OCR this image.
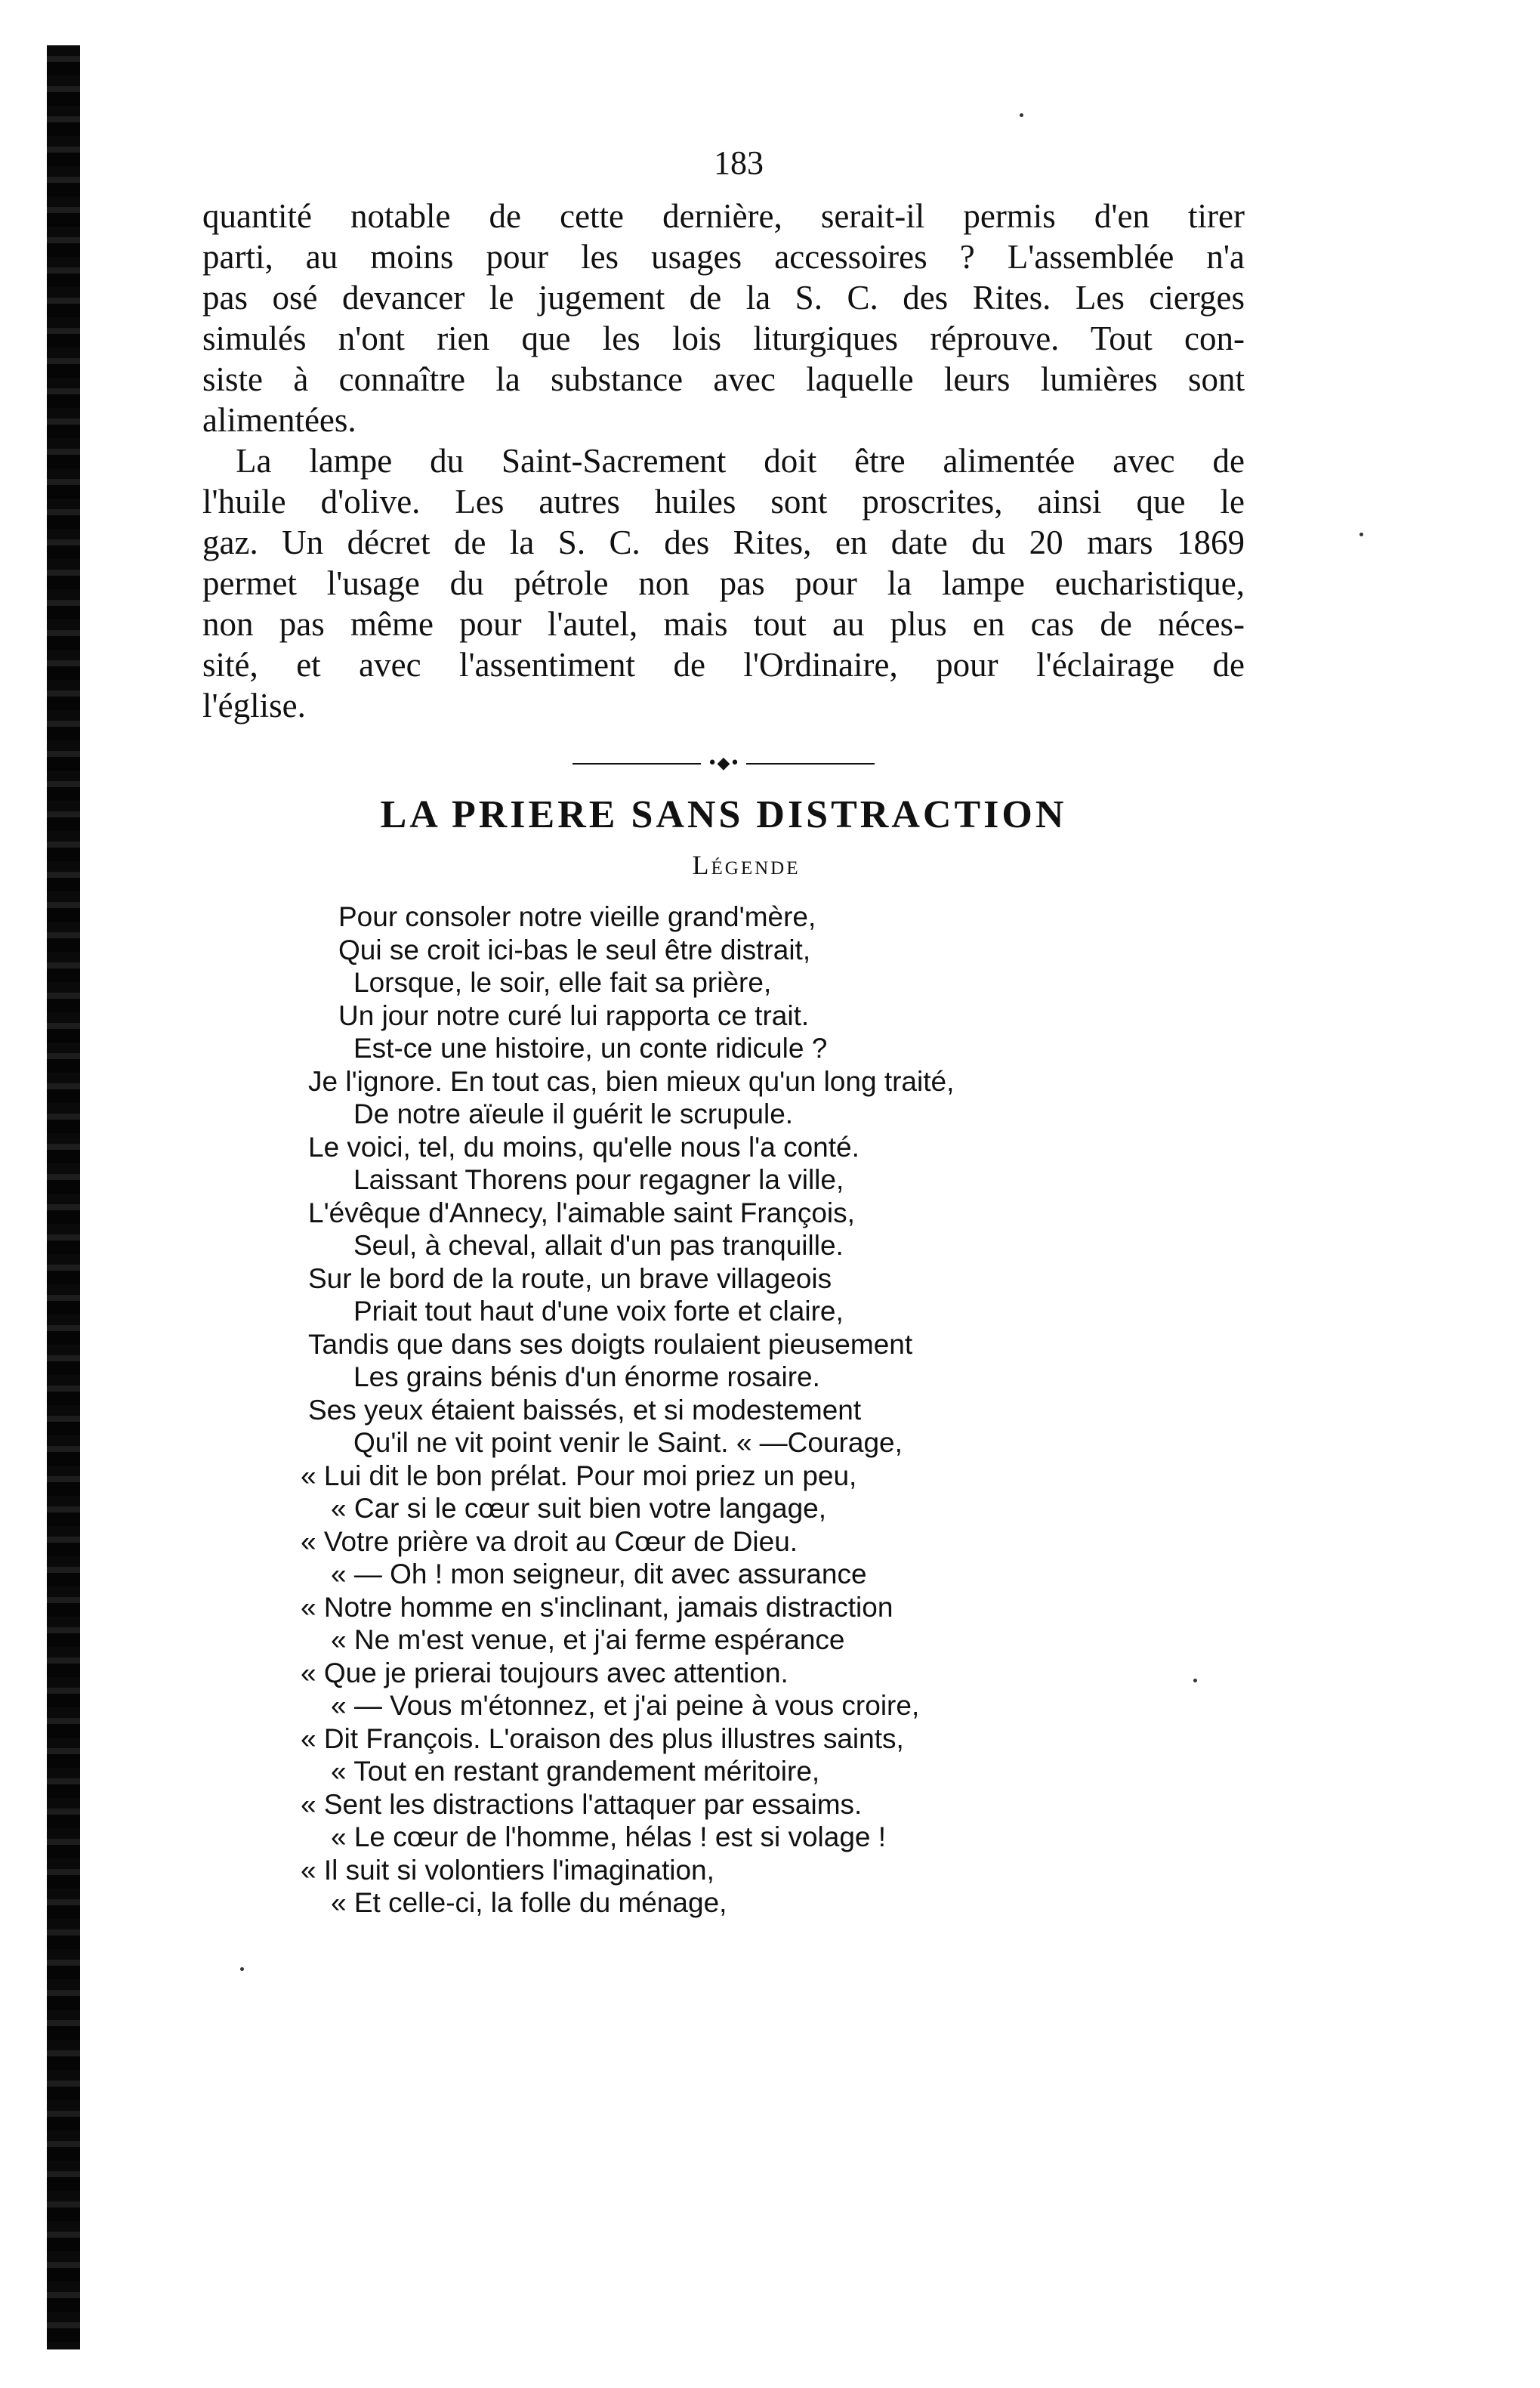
183

quantité notable de cette dernière, serait-il permis d'en tirer
parti, au moins pour les usages accessoires ? L'assemblée n'a
pas osé devancer le jugement de la S. C. des Rites. Les cierges
simulés n'ont rien que les lois liturgiques réprouve. Tout con-
siste à connaître la substance avec laquelle leurs lumières sont
alimentées.

La lampe du Saint-Sacrement doit être alimentée avec de
l'huile d'olive. Les autres huiles sont proscrites, ainsi que le
gaz. Un décret de la S. C. des Rites, en date du 20 mars 1869
permet l'usage du pétrole non pas pour la lampe eucharistique,
non pas même pour l'autel, mais tout au plus en cas de néces-
sité, et avec l'assentiment de l'Ordinaire, pour l'éclairage de
l'église.

•◆•
LA PRIERE SANS DISTRACTION
Légende
Pour consoler notre vieille grand'mère,
Qui se croit ici-bas le seul être distrait,
Lorsque, le soir, elle fait sa prière,
Un jour notre curé lui rapporta ce trait.
Est-ce une histoire, un conte ridicule ?
Je l'ignore. En tout cas, bien mieux qu'un long traité,
De notre aïeule il guérit le scrupule.
Le voici, tel, du moins, qu'elle nous l'a conté.
Laissant Thorens pour regagner la ville,
L'évêque d'Annecy, l'aimable saint François,
Seul, à cheval, allait d'un pas tranquille.
Sur le bord de la route, un brave villageois
Priait tout haut d'une voix forte et claire,
Tandis que dans ses doigts roulaient pieusement
Les grains bénis d'un énorme rosaire.
Ses yeux étaient baissés, et si modestement
Qu'il ne vit point venir le Saint. « —Courage,
« Lui dit le bon prélat. Pour moi priez un peu,
« Car si le cœur suit bien votre langage,
« Votre prière va droit au Cœur de Dieu.
« — Oh ! mon seigneur, dit avec assurance
« Notre homme en s'inclinant, jamais distraction
« Ne m'est venue, et j'ai ferme espérance
« Que je prierai toujours avec attention.
« — Vous m'étonnez, et j'ai peine à vous croire,
« Dit François. L'oraison des plus illustres saints,
« Tout en restant grandement méritoire,
« Sent les distractions l'attaquer par essaims.
« Le cœur de l'homme, hélas ! est si volage !
« Il suit si volontiers l'imagination,
« Et celle-ci, la folle du ménage,
